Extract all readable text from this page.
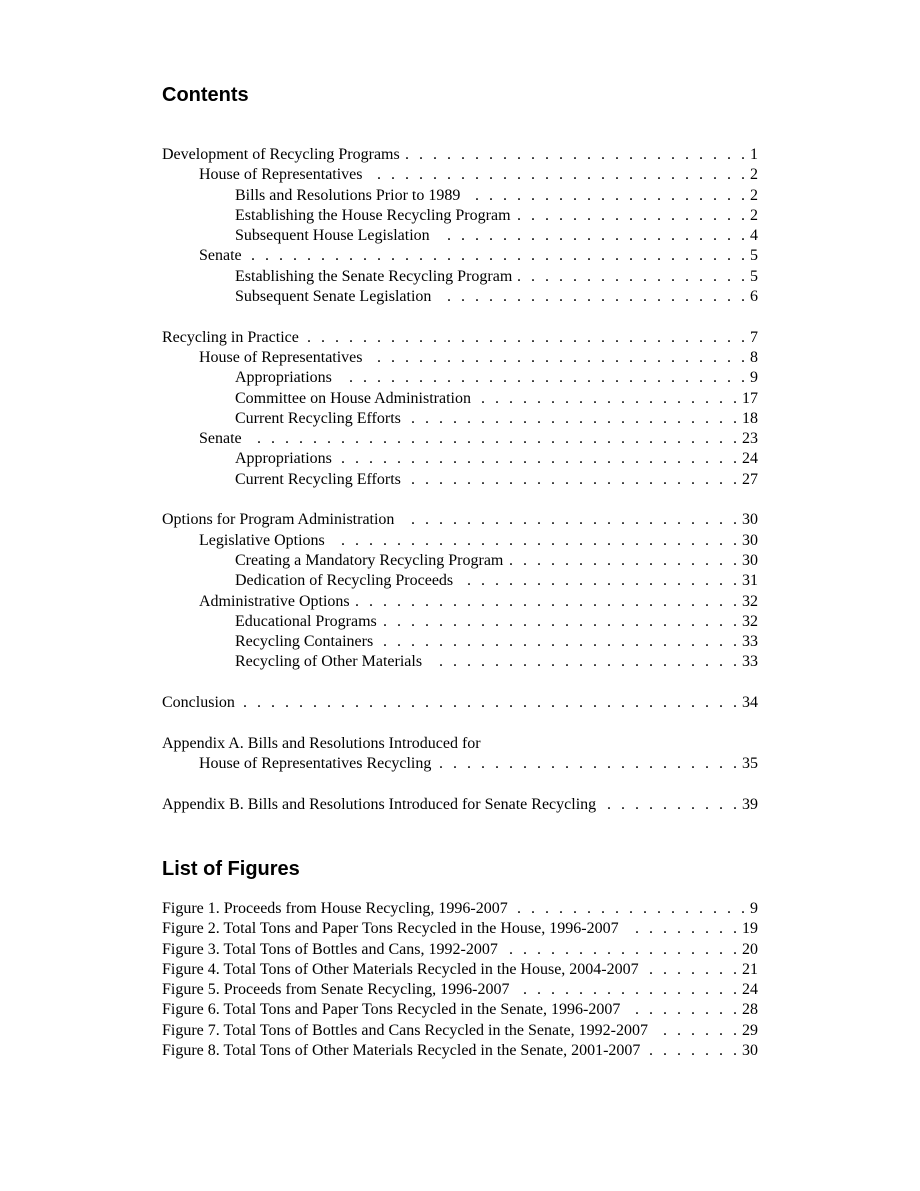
Contents
Development of Recycling Programs . . .	1
House of Representatives . . .	2
Bills and Resolutions Prior to 1989 . . .	2
Establishing the House Recycling Program . . .	2
Subsequent House Legislation . . .	4
Senate . . .	5
Establishing the Senate Recycling Program . . .	5
Subsequent Senate Legislation . . .	6
Recycling in Practice . . .	7
House of Representatives . . .	8
Appropriations . . .	9
Committee on House Administration . . .	17
Current Recycling Efforts . . .	18
Senate . . .	23
Appropriations . . .	24
Current Recycling Efforts . . .	27
Options for Program Administration . . .	30
Legislative Options . . .	30
Creating a Mandatory Recycling Program . . .	30
Dedication of Recycling Proceeds . . .	31
Administrative Options . . .	32
Educational Programs . . .	32
Recycling Containers . . .	33
Recycling of Other Materials . . .	33
Conclusion . . .	34
Appendix A. Bills and Resolutions Introduced for
House of Representatives Recycling . . .	35
Appendix B. Bills and Resolutions Introduced for Senate Recycling . . .	39
List of Figures
Figure 1. Proceeds from House Recycling, 1996-2007 . . .	9
Figure 2. Total Tons and Paper Tons Recycled in the House, 1996-2007 . . .	19
Figure 3. Total Tons of Bottles and Cans, 1992-2007 . . .	20
Figure 4. Total Tons of Other Materials Recycled in the House, 2004-2007 . . .	21
Figure 5. Proceeds from Senate Recycling, 1996-2007 . . .	24
Figure 6. Total Tons and Paper Tons Recycled in the Senate, 1996-2007 . . .	28
Figure 7. Total Tons of Bottles and Cans Recycled in the Senate, 1992-2007 . . .	29
Figure 8. Total Tons of Other Materials Recycled in the Senate, 2001-2007 . . .	30
